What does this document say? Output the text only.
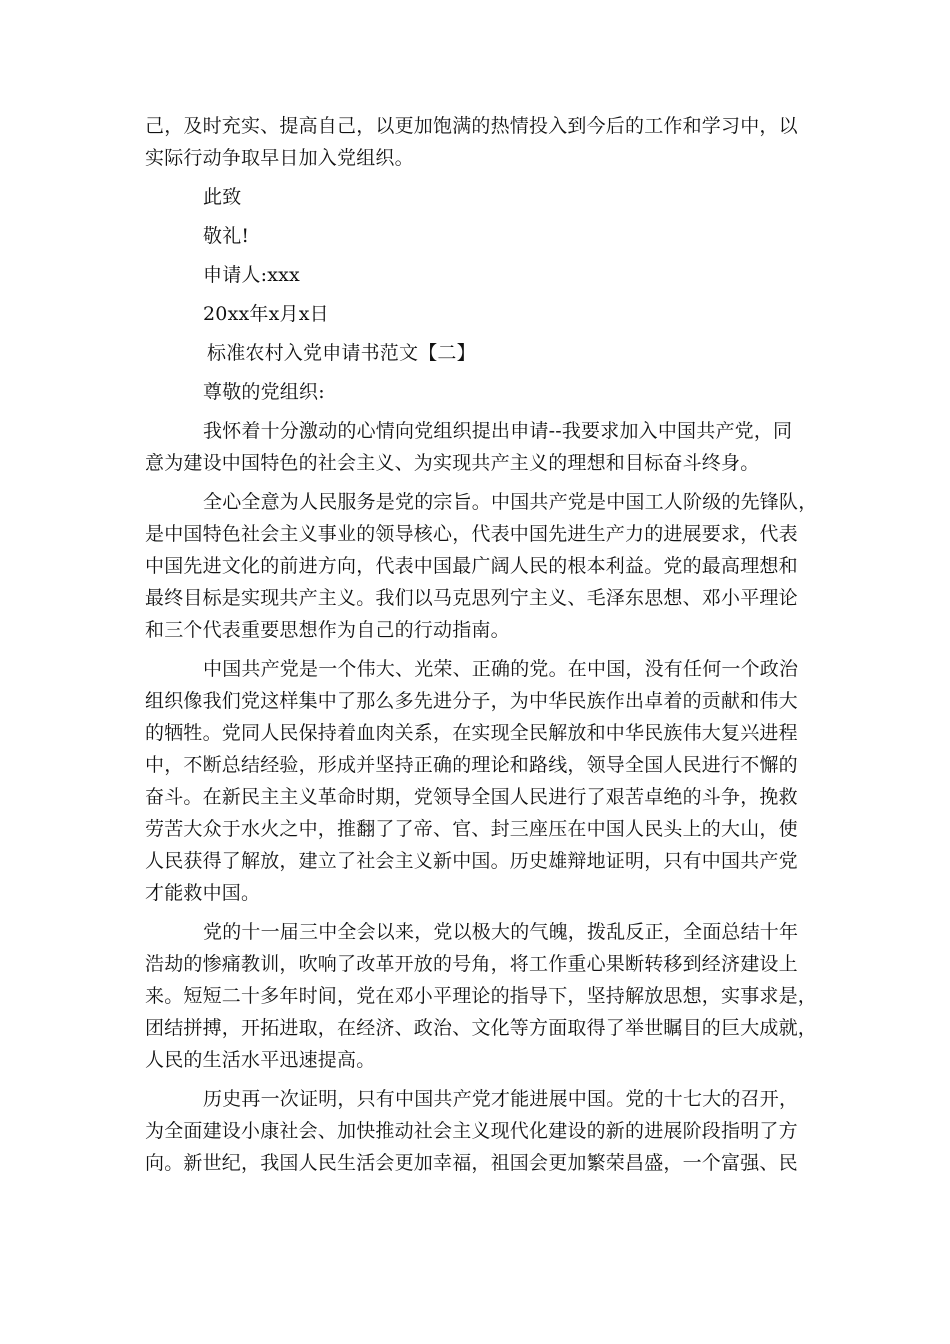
己，及时充实、提高自己，以更加饱满的热情投入到今后的工作和学习中，以
实际行动争取早日加入党组织。
此致
敬礼!
申请人:xxx
20xx年x月x日
标准农村入党申请书范文【二】
尊敬的党组织:
我怀着十分激动的心情向党组织提出申请--我要求加入中国共产党，同
意为建设中国特色的社会主义、为实现共产主义的理想和目标奋斗终身。
全心全意为人民服务是党的宗旨。中国共产党是中国工人阶级的先锋队，
是中国特色社会主义事业的领导核心，代表中国先进生产力的进展要求，代表
中国先进文化的前进方向，代表中国最广阔人民的根本利益。党的最高理想和
最终目标是实现共产主义。我们以马克思列宁主义、毛泽东思想、邓小平理论
和三个代表重要思想作为自己的行动指南。
中国共产党是一个伟大、光荣、正确的党。在中国，没有任何一个政治
组织像我们党这样集中了那么多先进分子，为中华民族作出卓着的贡献和伟大
的牺牲。党同人民保持着血肉关系，在实现全民解放和中华民族伟大复兴进程
中，不断总结经验，形成并坚持正确的理论和路线，领导全国人民进行不懈的
奋斗。在新民主主义革命时期，党领导全国人民进行了艰苦卓绝的斗争，挽救
劳苦大众于水火之中，推翻了了帝、官、封三座压在中国人民头上的大山，使
人民获得了解放，建立了社会主义新中国。历史雄辩地证明，只有中国共产党
才能救中国。
党的十一届三中全会以来，党以极大的气魄，拨乱反正，全面总结十年
浩劫的惨痛教训，吹响了改革开放的号角，将工作重心果断转移到经济建设上
来。短短二十多年时间，党在邓小平理论的指导下，坚持解放思想，实事求是，
团结拼搏，开拓进取，在经济、政治、文化等方面取得了举世瞩目的巨大成就，
人民的生活水平迅速提高。
历史再一次证明，只有中国共产党才能进展中国。党的十七大的召开，
为全面建设小康社会、加快推动社会主义现代化建设的新的进展阶段指明了方
向。新世纪，我国人民生活会更加幸福，祖国会更加繁荣昌盛，一个富强、民
